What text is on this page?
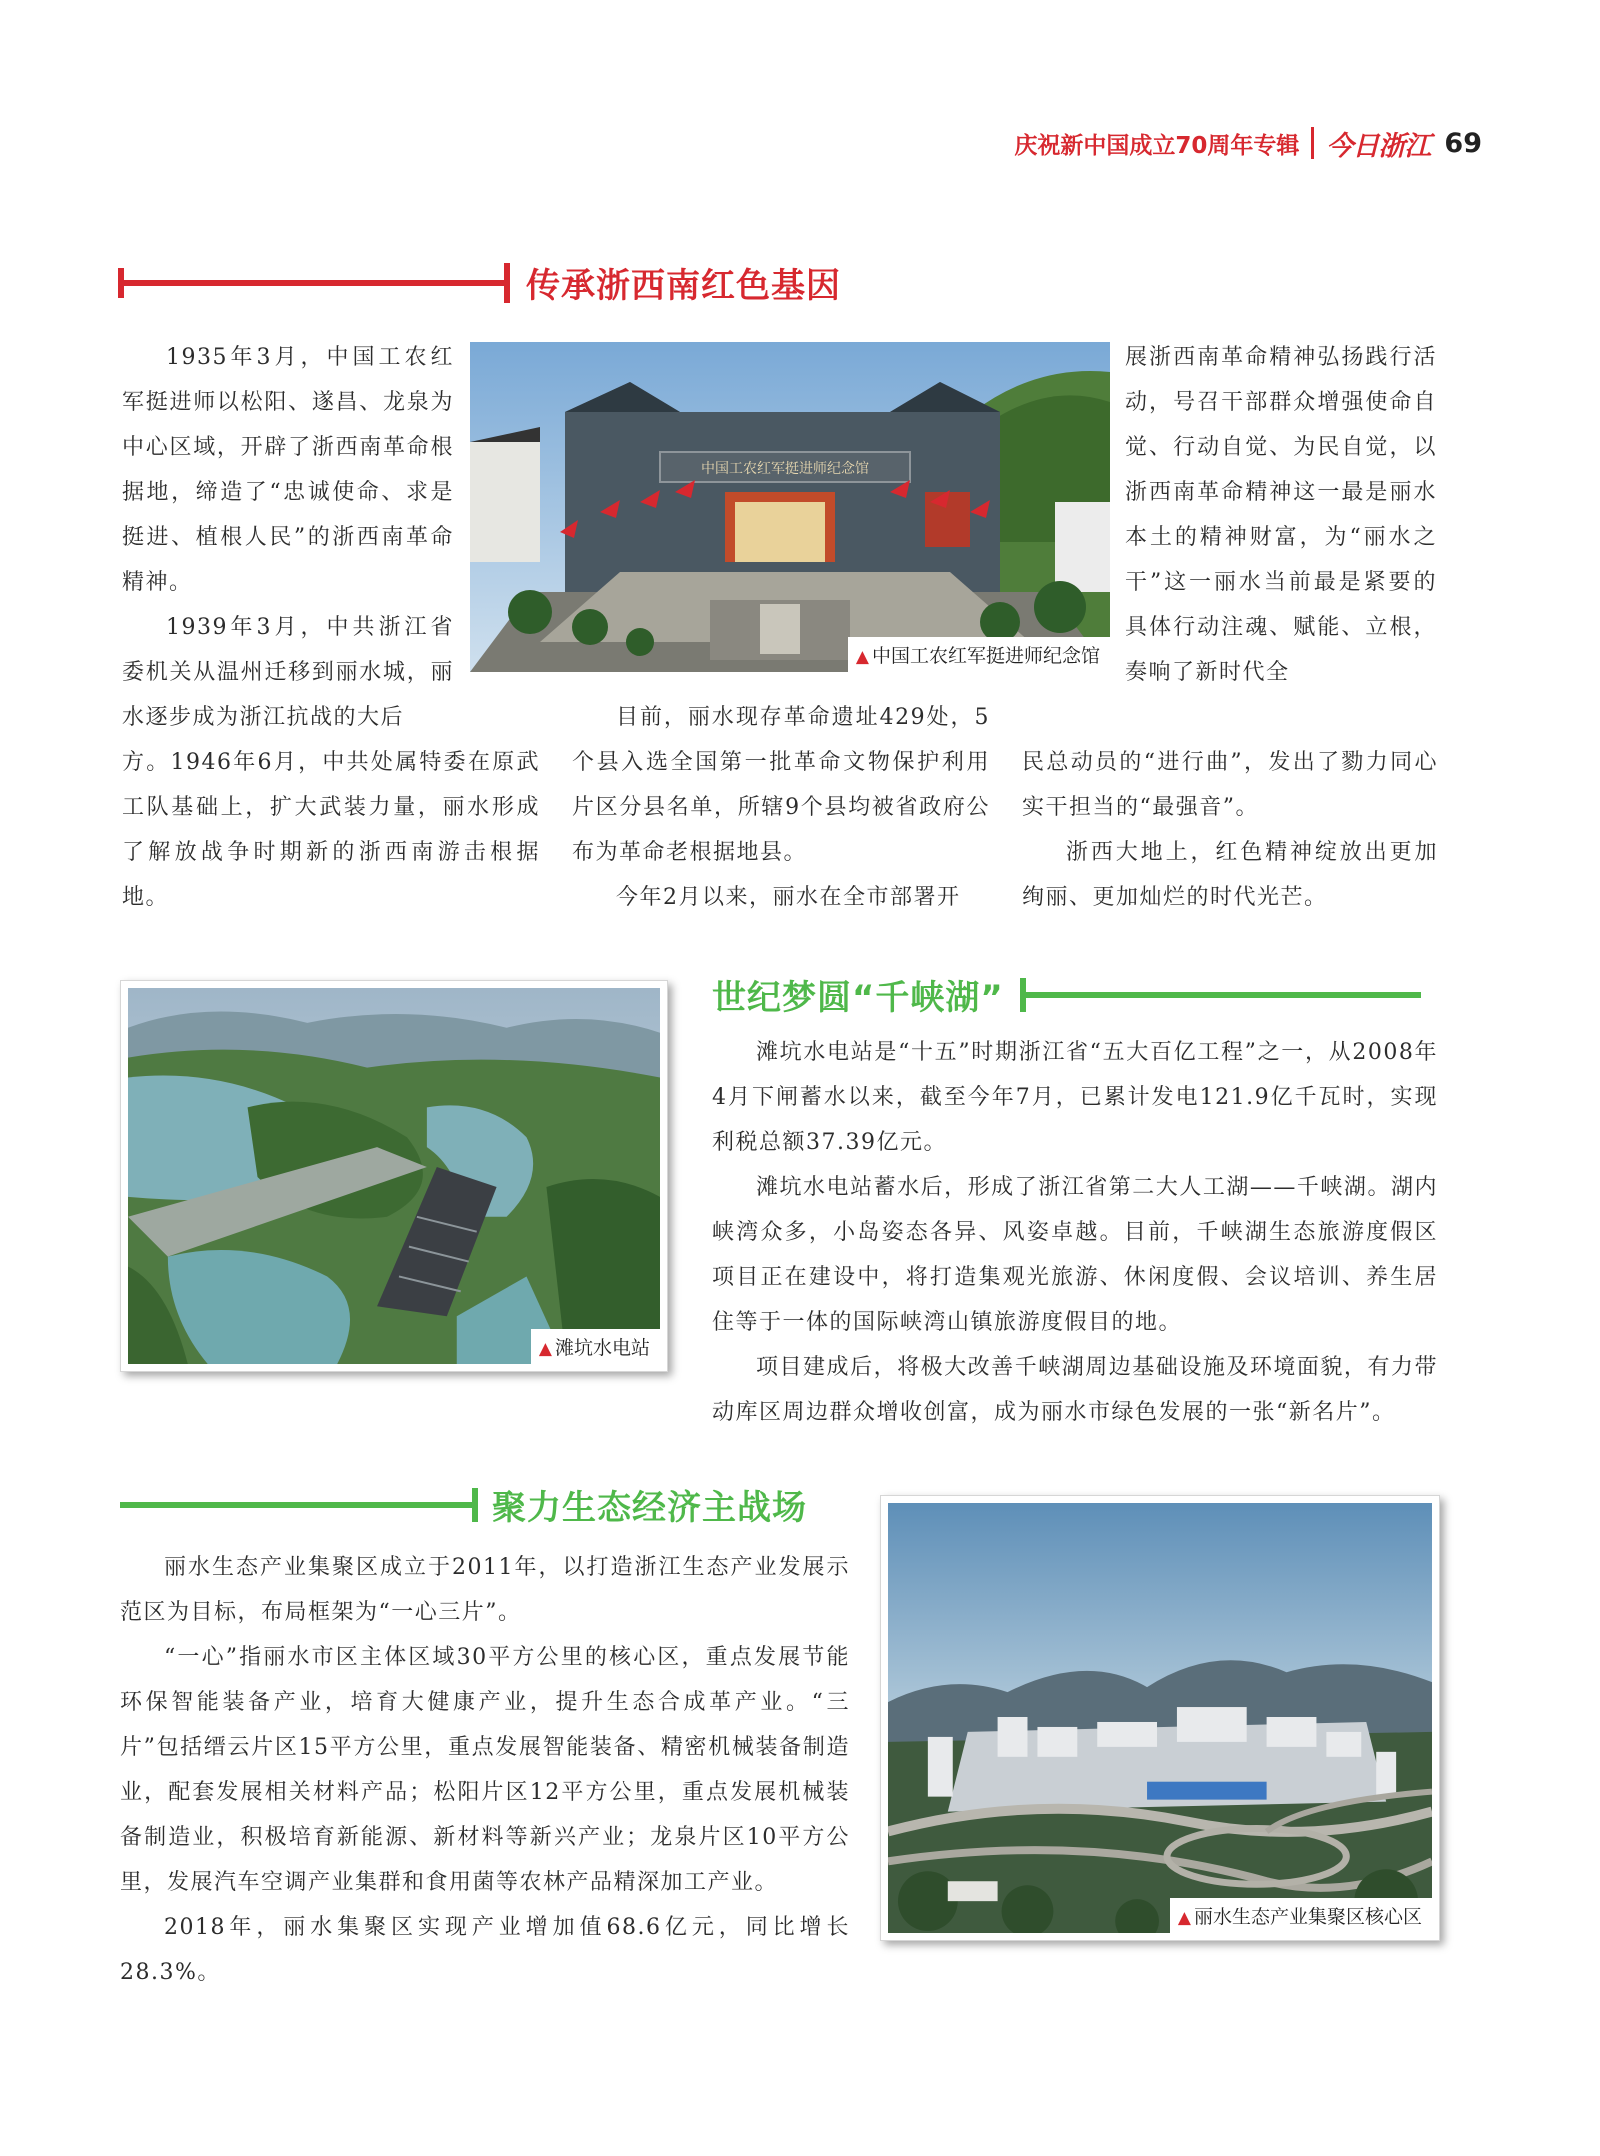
庆祝新中国成立70周年专辑 今日浙江 69
传承浙西南红色基因
1935年3月，中国工农红军挺进师以松阳、遂昌、龙泉为中心区域，开辟了浙西南革命根据地，缔造了“忠诚使命、求是挺进、植根人民”的浙西南革命精神。
1939年3月，中共浙江省委机关从温州迁移到丽水城，丽水逐步成为浙江抗战的大后
方。1946年6月，中共处属特委在原武工队基础上，扩大武装力量，丽水形成了解放战争时期新的浙西南游击根据地。
目前，丽水现存革命遗址429处，5个县入选全国第一批革命文物保护利用片区分县名单，所辖9个县均被省政府公布为革命老根据地县。
今年2月以来，丽水在全市部署开
展浙西南革命精神弘扬践行活动，号召干部群众增强使命自觉、行动自觉、为民自觉，以浙西南革命精神这一最是丽水本土的精神财富，为“丽水之干”这一丽水当前最是紧要的具体行动注魂、赋能、立根，奏响了新时代全
民总动员的“进行曲”，发出了勠力同心实干担当的“最强音”。
浙西大地上，红色精神绽放出更加绚丽、更加灿烂的时代光芒。
中国工农红军挺进师纪念馆
▲ 中国工农红军挺进师纪念馆
▲ 滩坑水电站
世纪梦圆“千峡湖”
滩坑水电站是“十五”时期浙江省“五大百亿工程”之一，从2008年4月下闸蓄水以来，截至今年7月，已累计发电121.9亿千瓦时，实现利税总额37.39亿元。
滩坑水电站蓄水后，形成了浙江省第二大人工湖——千峡湖。湖内峡湾众多，小岛姿态各异、风姿卓越。目前，千峡湖生态旅游度假区项目正在建设中，将打造集观光旅游、休闲度假、会议培训、养生居住等于一体的国际峡湾山镇旅游度假目的地。
项目建成后，将极大改善千峡湖周边基础设施及环境面貌，有力带动库区周边群众增收创富，成为丽水市绿色发展的一张“新名片”。
聚力生态经济主战场
丽水生态产业集聚区成立于2011年，以打造浙江生态产业发展示范区为目标，布局框架为“一心三片”。
“一心”指丽水市区主体区域30平方公里的核心区，重点发展节能环保智能装备产业，培育大健康产业，提升生态合成革产业。“三片”包括缙云片区15平方公里，重点发展智能装备、精密机械装备制造业，配套发展相关材料产品；松阳片区12平方公里，重点发展机械装备制造业，积极培育新能源、新材料等新兴产业；龙泉片区10平方公里，发展汽车空调产业集群和食用菌等农林产品精深加工产业。
2018年，丽水集聚区实现产业增加值68.6亿元，同比增长28.3%。
▲ 丽水生态产业集聚区核心区
